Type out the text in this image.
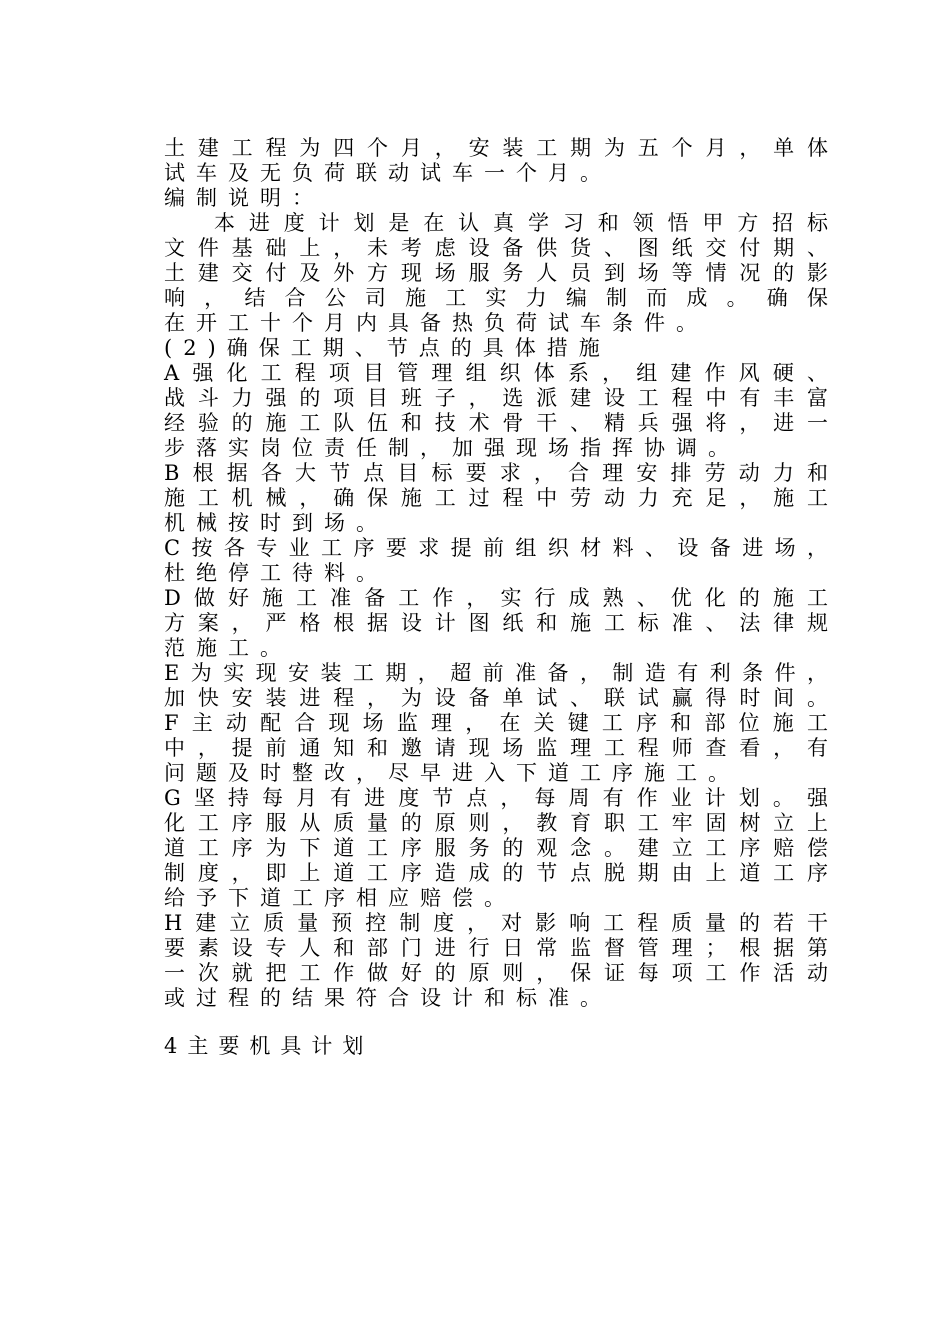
土建工程为四个月，安装工期为五个月，单体
试车及无负荷联动试车一个月。
编制说明：
本进度计划是在认真学习和领悟甲方招标
文件基础上，未考虑设备供货、图纸交付期、
土建交付及外方现场服务人员到场等情况的影
响，结合公司施工实力编制而成。确保
在开工十个月内具备热负荷试车条件。
(2)确保工期、节点的具体措施
A强化工程项目管理组织体系，组建作风硬、
战斗力强的项目班子，选派建设工程中有丰富
经验的施工队伍和技术骨干、精兵强将，进一
步落实岗位责任制，加强现场指挥协调。
B根据各大节点目标要求，合理安排劳动力和
施工机械，确保施工过程中劳动力充足，施工
机械按时到场。
C按各专业工序要求提前组织材料、设备进场，
杜绝停工待料。
D做好施工准备工作，实行成熟、优化的施工
方案，严格根据设计图纸和施工标准、法律规
范施工。
E为实现安装工期，超前准备，制造有利条件，
加快安装进程，为设备单试、联试赢得时间。
F主动配合现场监理，在关键工序和部位施工
中，提前通知和邀请现场监理工程师查看，有
问题及时整改，尽早进入下道工序施工。
G坚持每月有进度节点，每周有作业计划。强
化工序服从质量的原则，教育职工牢固树立上
道工序为下道工序服务的观念。建立工序赔偿
制度，即上道工序造成的节点脱期由上道工序
给予下道工序相应赔偿。
H建立质量预控制度，对影响工程质量的若干
要素设专人和部门进行日常监督管理；根据第
一次就把工作做好的原则，保证每项工作活动
或过程的结果符合设计和标准。
4主要机具计划
